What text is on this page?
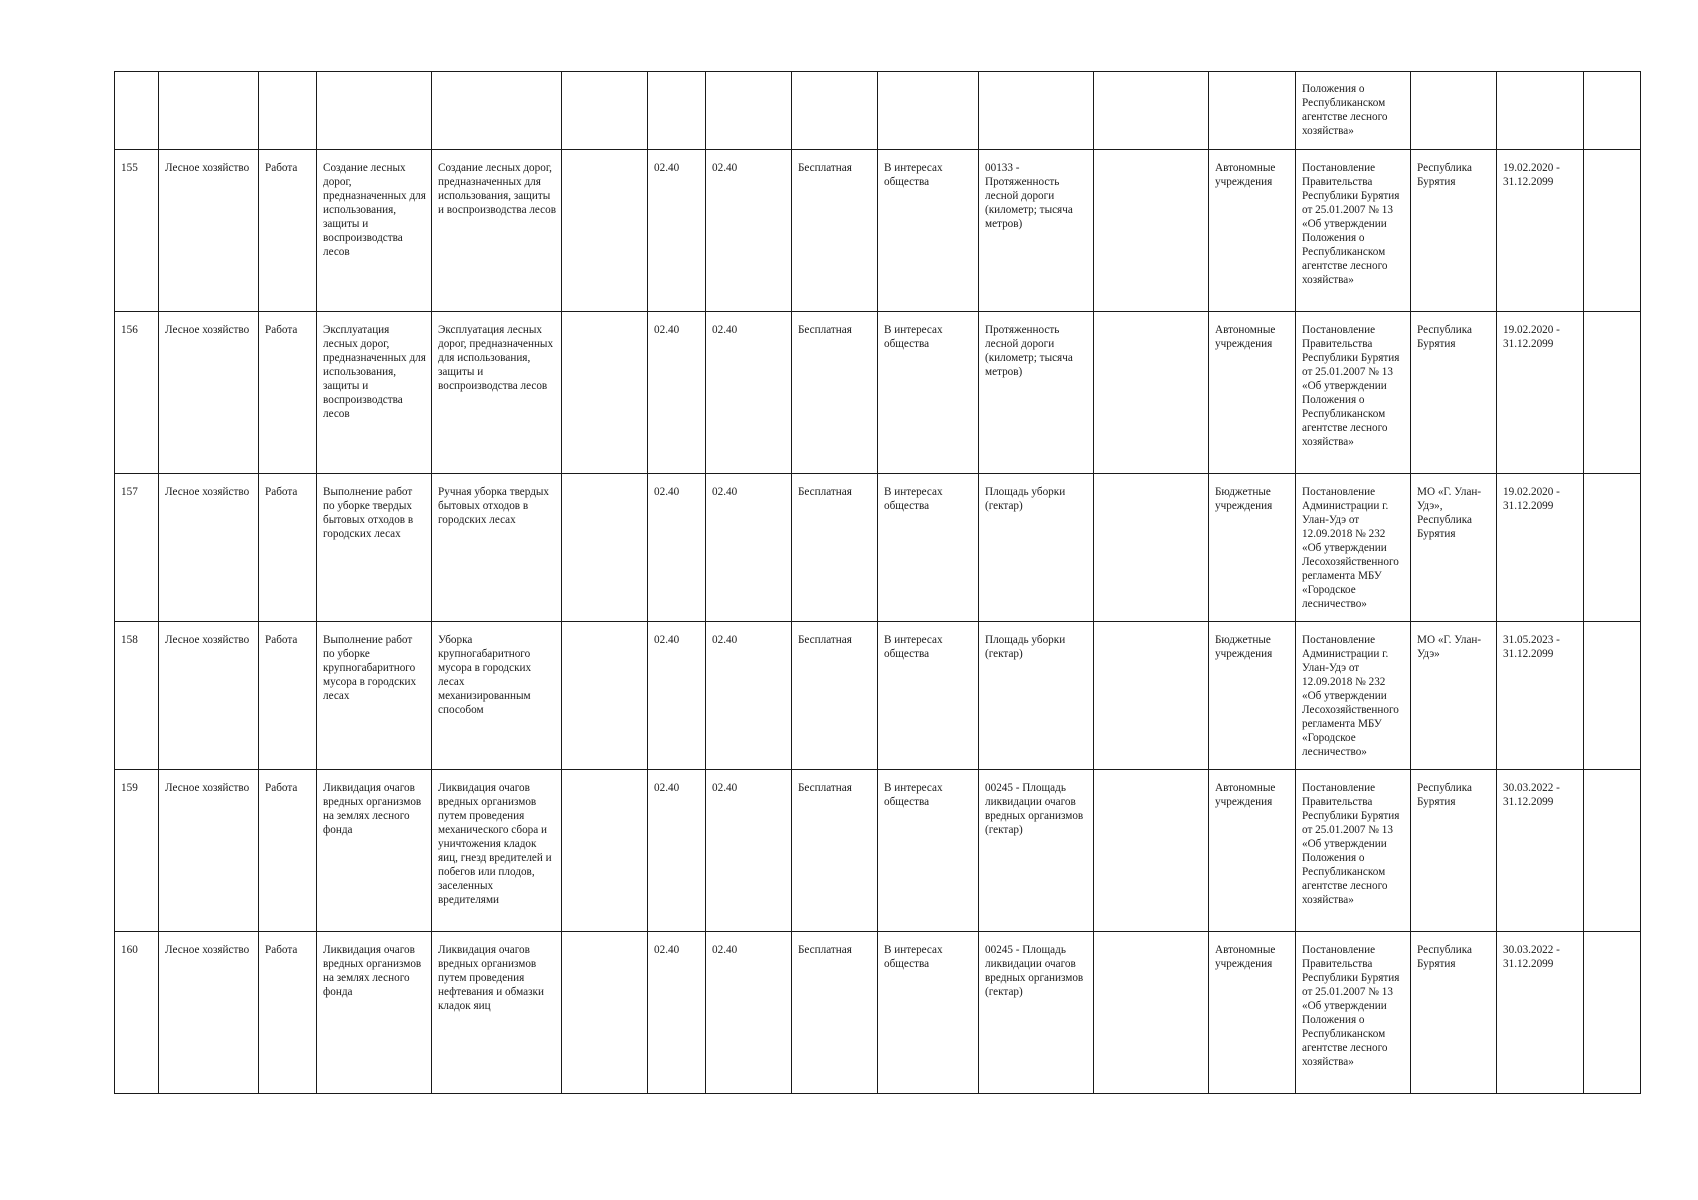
													Положения о Республиканском агентстве лесного хозяйства»			
155	Лесное хозяйство	Работа	Создание лесных дорог, предназначенных для использования, защиты и воспроизводства лесов	Создание лесных дорог, предназначенных для использования, защиты и воспроизводства лесов		02.40	02.40	Бесплатная	В интересах общества	00133 - Протяженность лесной дороги (километр; тысяча метров)		Автономные учреждения	Постановление Правительства Республики Бурятия от 25.01.2007 № 13 «Об утверждении Положения о Республиканском агентстве лесного хозяйства»	Республика Бурятия	19.02.2020 - 31.12.2099	
156	Лесное хозяйство	Работа	Эксплуатация лесных дорог, предназначенных для использования, защиты и воспроизводства лесов	Эксплуатация лесных дорог, предназначенных для использования, защиты и воспроизводства лесов		02.40	02.40	Бесплатная	В интересах общества	Протяженность лесной дороги (километр; тысяча метров)		Автономные учреждения	Постановление Правительства Республики Бурятия от 25.01.2007 № 13 «Об утверждении Положения о Республиканском агентстве лесного хозяйства»	Республика Бурятия	19.02.2020 - 31.12.2099	
157	Лесное хозяйство	Работа	Выполнение работ по уборке твердых бытовых отходов в городских лесах	Ручная уборка твердых бытовых отходов в городских лесах		02.40	02.40	Бесплатная	В интересах общества	Площадь уборки (гектар)		Бюджетные учреждения	Постановление Администрации г. Улан-Удэ от 12.09.2018 № 232 «Об утверждении Лесохозяйственного регламента МБУ «Городское лесничество»	МО «Г. Улан-Удэ», Республика Бурятия	19.02.2020 - 31.12.2099	
158	Лесное хозяйство	Работа	Выполнение работ по уборке крупногабаритного мусора в городских лесах	Уборка крупногабаритного мусора в городских лесах механизированным способом		02.40	02.40	Бесплатная	В интересах общества	Площадь уборки (гектар)		Бюджетные учреждения	Постановление Администрации г. Улан-Удэ от 12.09.2018 № 232 «Об утверждении Лесохозяйственного регламента МБУ «Городское лесничество»	МО «Г. Улан-Удэ»	31.05.2023 - 31.12.2099	
159	Лесное хозяйство	Работа	Ликвидация очагов вредных организмов на землях лесного фонда	Ликвидация очагов вредных организмов путем проведения механического сбора и уничтожения кладок яиц, гнезд вредителей и побегов или плодов, заселенных вредителями		02.40	02.40	Бесплатная	В интересах общества	00245 - Площадь ликвидации очагов вредных организмов (гектар)		Автономные учреждения	Постановление Правительства Республики Бурятия от 25.01.2007 № 13 «Об утверждении Положения о Республиканском агентстве лесного хозяйства»	Республика Бурятия	30.03.2022 - 31.12.2099	
160	Лесное хозяйство	Работа	Ликвидация очагов вредных организмов на землях лесного фонда	Ликвидация очагов вредных организмов путем проведения нефтевания и обмазки кладок яиц		02.40	02.40	Бесплатная	В интересах общества	00245 - Площадь ликвидации очагов вредных организмов (гектар)		Автономные учреждения	Постановление Правительства Республики Бурятия от 25.01.2007 № 13 «Об утверждении Положения о Республиканском агентстве лесного хозяйства»	Республика Бурятия	30.03.2022 - 31.12.2099	
